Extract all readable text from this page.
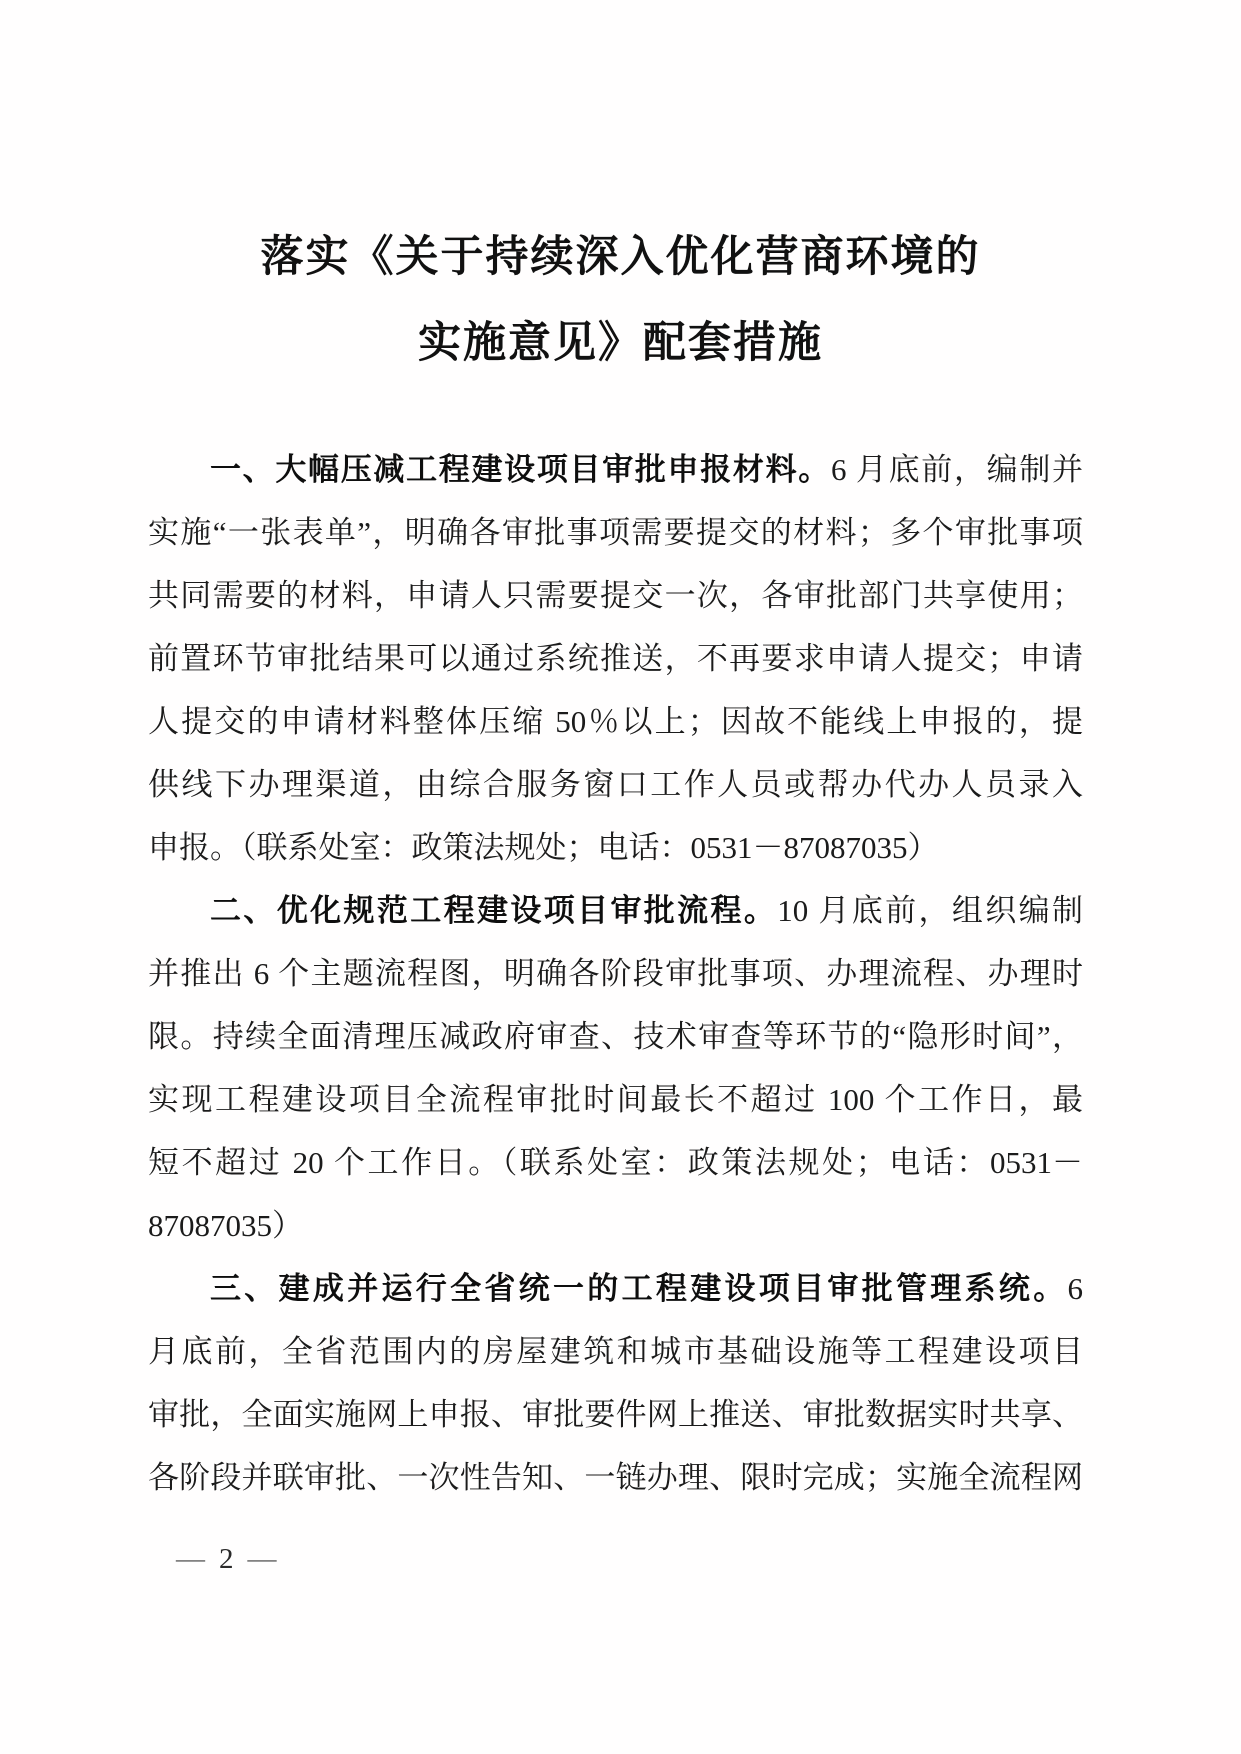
落实《关于持续深入优化营商环境的
实施意见》配套措施
一、大幅压减工程建设项目审批申报材料。6 月底前，编制并
实施“一张表单”，明确各审批事项需要提交的材料；多个审批事项
共同需要的材料，申请人只需要提交一次，各审批部门共享使用；
前置环节审批结果可以通过系统推送，不再要求申请人提交；申请
人提交的申请材料整体压缩 50％以上；因故不能线上申报的，提
供线下办理渠道，由综合服务窗口工作人员或帮办代办人员录入
申报。（联系处室：政策法规处；电话：0531－87087035）
二、优化规范工程建设项目审批流程。10 月底前，组织编制
并推出 6 个主题流程图，明确各阶段审批事项、办理流程、办理时
限。持续全面清理压减政府审查、技术审查等环节的“隐形时间”，
实现工程建设项目全流程审批时间最长不超过 100 个工作日，最
短不超过 20 个工作日。（联系处室：政策法规处；电话：0531－
87087035）
三、建成并运行全省统一的工程建设项目审批管理系统。6
月底前，全省范围内的房屋建筑和城市基础设施等工程建设项目
审批，全面实施网上申报、审批要件网上推送、审批数据实时共享、
各阶段并联审批、一次性告知、一链办理、限时完成；实施全流程网
— 2 —
